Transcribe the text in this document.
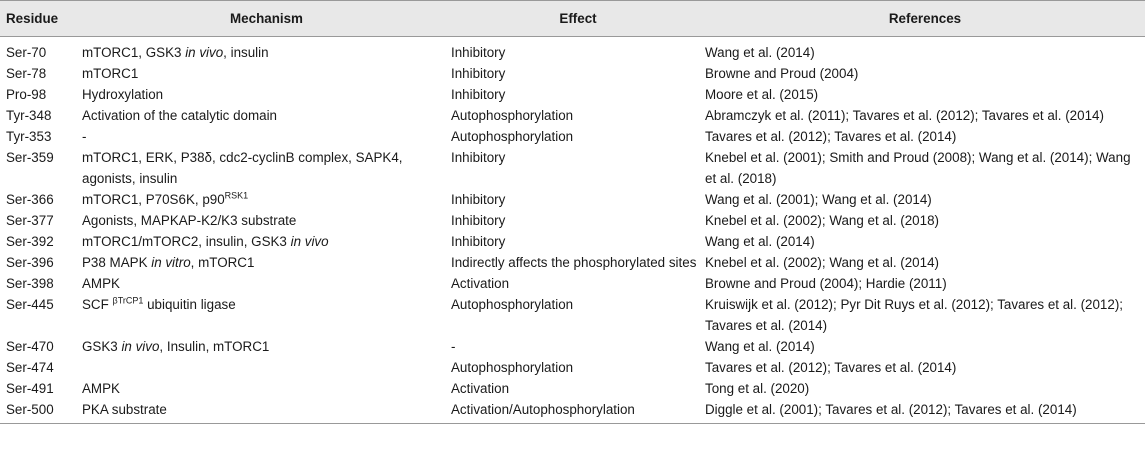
Residue	Mechanism	Effect	References
Ser-70	mTORC1, GSK3 in vivo, insulin	Inhibitory	Wang et al. (2014)
Ser-78	mTORC1	Inhibitory	Browne and Proud (2004)
Pro-98	Hydroxylation	Inhibitory	Moore et al. (2015)
Tyr-348	Activation of the catalytic domain	Autophosphorylation	Abramczyk et al. (2011); Tavares et al. (2012); Tavares et al. (2014)
Tyr-353	-	Autophosphorylation	Tavares et al. (2012); Tavares et al. (2014)
Ser-359	mTORC1, ERK, P38δ, cdc2-cyclinB complex, SAPK4, agonists, insulin	Inhibitory	Knebel et al. (2001); Smith and Proud (2008); Wang et al. (2014); Wang et al. (2018)
Ser-366	mTORC1, P70S6K, $p90^{RSK1}$	Inhibitory	Wang et al. (2001); Wang et al. (2014)
Ser-377	Agonists, MAPKAP-K2/K3 substrate	Inhibitory	Knebel et al. (2002); Wang et al. (2018)
Ser-392	mTORC1/mTORC2, insulin, GSK3 in vivo	Inhibitory	Wang et al. (2014)
Ser-396	P38 MAPK in vitro, mTORC1	Indirectly affects the phosphorylated sites	Knebel et al. (2002); Wang et al. (2014)
Ser-398	AMPK	Activation	Browne and Proud (2004); Hardie (2011)
Ser-445	SCF $^{\beta TrCP1}$ ubiquitin ligase	Autophosphorylation	Kruiswijk et al. (2012); Pyr Dit Ruys et al. (2012); Tavares et al. (2012); Tavares et al. (2014)
Ser-470	GSK3 in vivo, Insulin, mTORC1	-	Wang et al. (2014)
Ser-474		Autophosphorylation	Tavares et al. (2012); Tavares et al. (2014)
Ser-491	AMPK	Activation	Tong et al. (2020)
Ser-500	PKA substrate	Activation/Autophosphorylation	Diggle et al. (2001); Tavares et al. (2012); Tavares et al. (2014)
